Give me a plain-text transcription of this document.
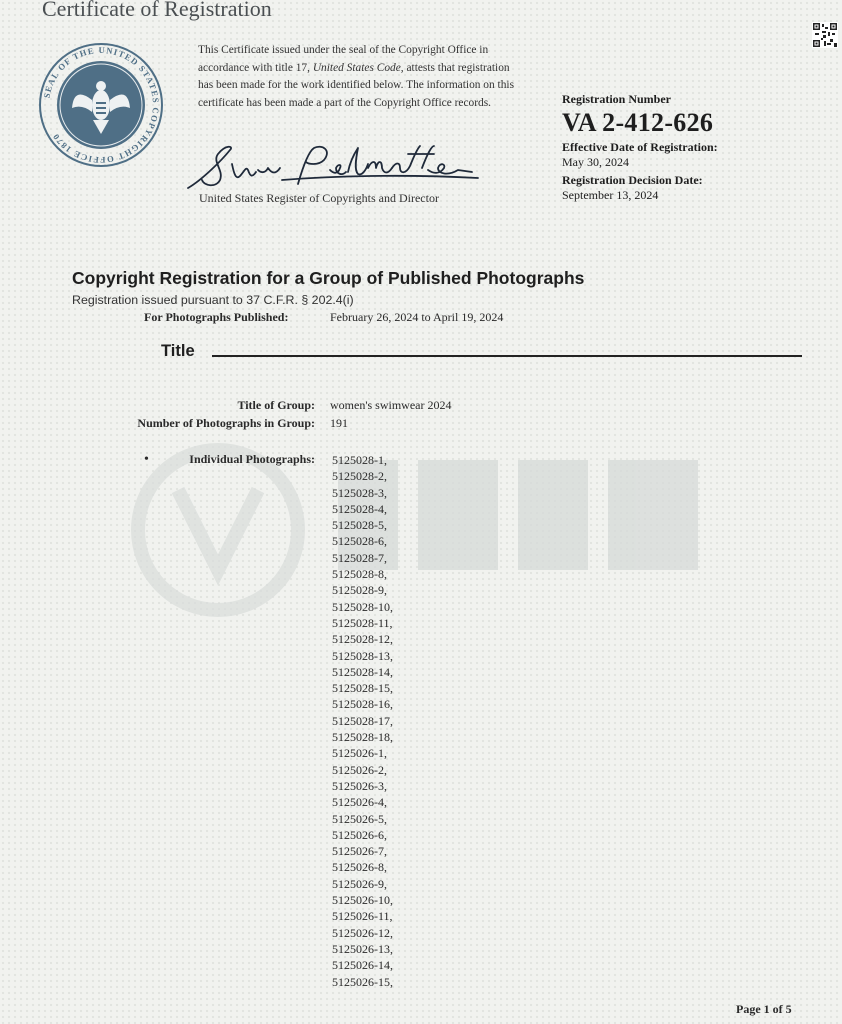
Certificate of Registration
SEAL OF THE UNITED STATES COPYRIGHT OFFICE 1870
This Certificate issued under the seal of the Copyright Office in accordance with title 17, United States Code, attests that registration has been made for the work identified below. The information on this certificate has been made a part of the Copyright Office records.
United States Register of Copyrights and Director
Registration Number
VA 2-412-626
Effective Date of Registration:
May 30, 2024
Registration Decision Date:
September 13, 2024
Copyright Registration for a Group of Published Photographs
Registration issued pursuant to 37 C.F.R. § 202.4(i)
For Photographs Published:	February 26, 2024 to April 19, 2024
Title
Title of Group: women's swimwear 2024
Number of Photographs in Group: 191
•	Individual Photographs: 5125028-1,
5125028-2,
5125028-3,
5125028-4,
5125028-5,
5125028-6,
5125028-7,
5125028-8,
5125028-9,
5125028-10,
5125028-11,
5125028-12,
5125028-13,
5125028-14,
5125028-15,
5125028-16,
5125028-17,
5125028-18,
5125026-1,
5125026-2,
5125026-3,
5125026-4,
5125026-5,
5125026-6,
5125026-7,
5125026-8,
5125026-9,
5125026-10,
5125026-11,
5125026-12,
5125026-13,
5125026-14,
5125026-15,
Page 1 of 5
